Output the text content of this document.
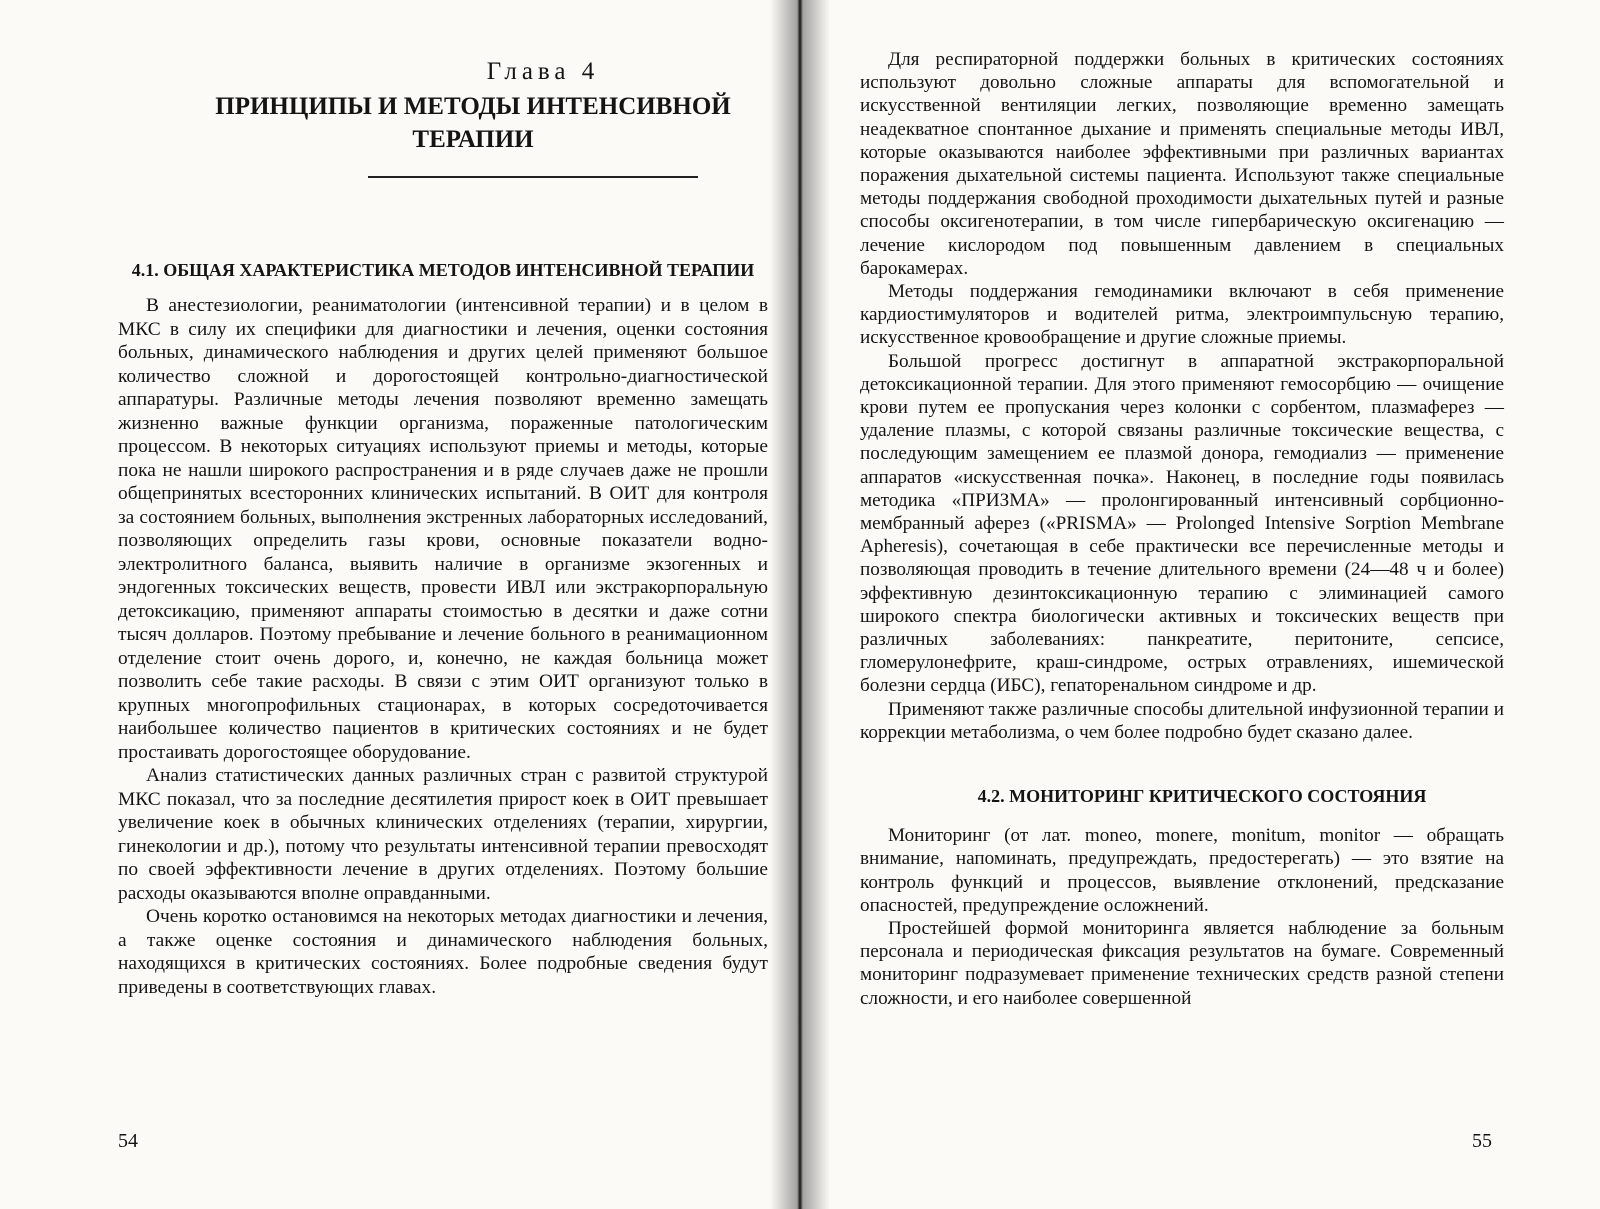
Глава 4
ПРИНЦИПЫ И МЕТОДЫ ИНТЕНСИВНОЙ ТЕРАПИИ
4.1. ОБЩАЯ ХАРАКТЕРИСТИКА МЕТОДОВ ИНТЕНСИВНОЙ ТЕРАПИИ

В анестезиологии, реаниматологии (интенсивной терапии) и в целом в МКС в силу их специфики для диагностики и лечения, оценки состояния больных, динамического наблюдения и других целей применяют большое количество сложной и дорогостоящей контрольно-диагностической аппаратуры. Различные методы лечения позволяют временно замещать жизненно важные функции организма, пораженные патологическим процессом. В некоторых ситуациях используют приемы и методы, которые пока не нашли широкого распространения и в ряде случаев даже не прошли общепринятых всесторонних клинических испытаний. В ОИТ для контроля за состоянием больных, выполнения экстренных лабораторных исследований, позволяющих определить газы крови, основные показатели водно-электролитного баланса, выявить наличие в организме экзогенных и эндогенных токсических веществ, провести ИВЛ или экстракорпоральную детоксикацию, применяют аппараты стоимостью в десятки и даже сотни тысяч долларов. Поэтому пребывание и лечение больного в реанимационном отделение стоит очень дорого, и, конечно, не каждая больница может позволить себе такие расходы. В связи с этим ОИТ организуют только в крупных многопрофильных стационарах, в которых сосредоточивается наибольшее количество пациентов в критических состояниях и не будет простаивать дорогостоящее оборудование.

Анализ статистических данных различных стран с развитой структурой МКС показал, что за последние десятилетия прирост коек в ОИТ превышает увеличение коек в обычных клинических отделениях (терапии, хирургии, гинекологии и др.), потому что результаты интенсивной терапии превосходят по своей эффективности лечение в других отделениях. Поэтому большие расходы оказываются вполне оправданными.

Очень коротко остановимся на некоторых методах диагностики и лечения, а также оценке состояния и динамического наблюдения больных, находящихся в критических состояниях. Более подробные сведения будут приведены в соответствующих главах.

54

Для респираторной поддержки больных в критических состояниях используют довольно сложные аппараты для вспомогательной и искусственной вентиляции легких, позволяющие временно замещать неадекватное спонтанное дыхание и применять специальные методы ИВЛ, которые оказываются наиболее эффективными при различных вариантах поражения дыхательной системы пациента. Используют также специальные методы поддержания свободной проходимости дыхательных путей и разные способы оксигенотерапии, в том числе гипербарическую оксигенацию — лечение кислородом под повышенным давлением в специальных барокамерах.

Методы поддержания гемодинамики включают в себя применение кардиостимуляторов и водителей ритма, электроимпульсную терапию, искусственное кровообращение и другие сложные приемы.

Большой прогресс достигнут в аппаратной экстракорпоральной детоксикационной терапии. Для этого применяют гемосорбцию — очищение крови путем ее пропускания через колонки с сорбентом, плазмаферез — удаление плазмы, с которой связаны различные токсические вещества, с последующим замещением ее плазмой донора, гемодиализ — применение аппаратов «искусственная почка». Наконец, в последние годы появилась методика «ПРИЗМА» — пролонгированный интенсивный сорбционно-мембранный аферез («PRISMA» — Prolonged Intensive Sorption Membrane Apheresis), сочетающая в себе практически все перечисленные методы и позволяющая проводить в течение длительного времени (24—48 ч и более) эффективную дезинтоксикационную терапию с элиминацией самого широкого спектра биологически активных и токсических веществ при различных заболеваниях: панкреатите, перитоните, сепсисе, гломерулонефрите, краш-синдроме, острых отравлениях, ишемической болезни сердца (ИБС), гепаторенальном синдроме и др.

Применяют также различные способы длительной инфузионной терапии и коррекции метаболизма, о чем более подробно будет сказано далее.

4.2. МОНИТОРИНГ КРИТИЧЕСКОГО СОСТОЯНИЯ

Мониторинг (от лат. moneo, monere, monitum, monitor — обращать внимание, напоминать, предупреждать, предостерегать) — это взятие на контроль функций и процессов, выявление отклонений, предсказание опасностей, предупреждение осложнений.

Простейшей формой мониторинга является наблюдение за больным персонала и периодическая фиксация результатов на бумаге. Современный мониторинг подразумевает применение технических средств разной степени сложности, и его наиболее совершенной

55
